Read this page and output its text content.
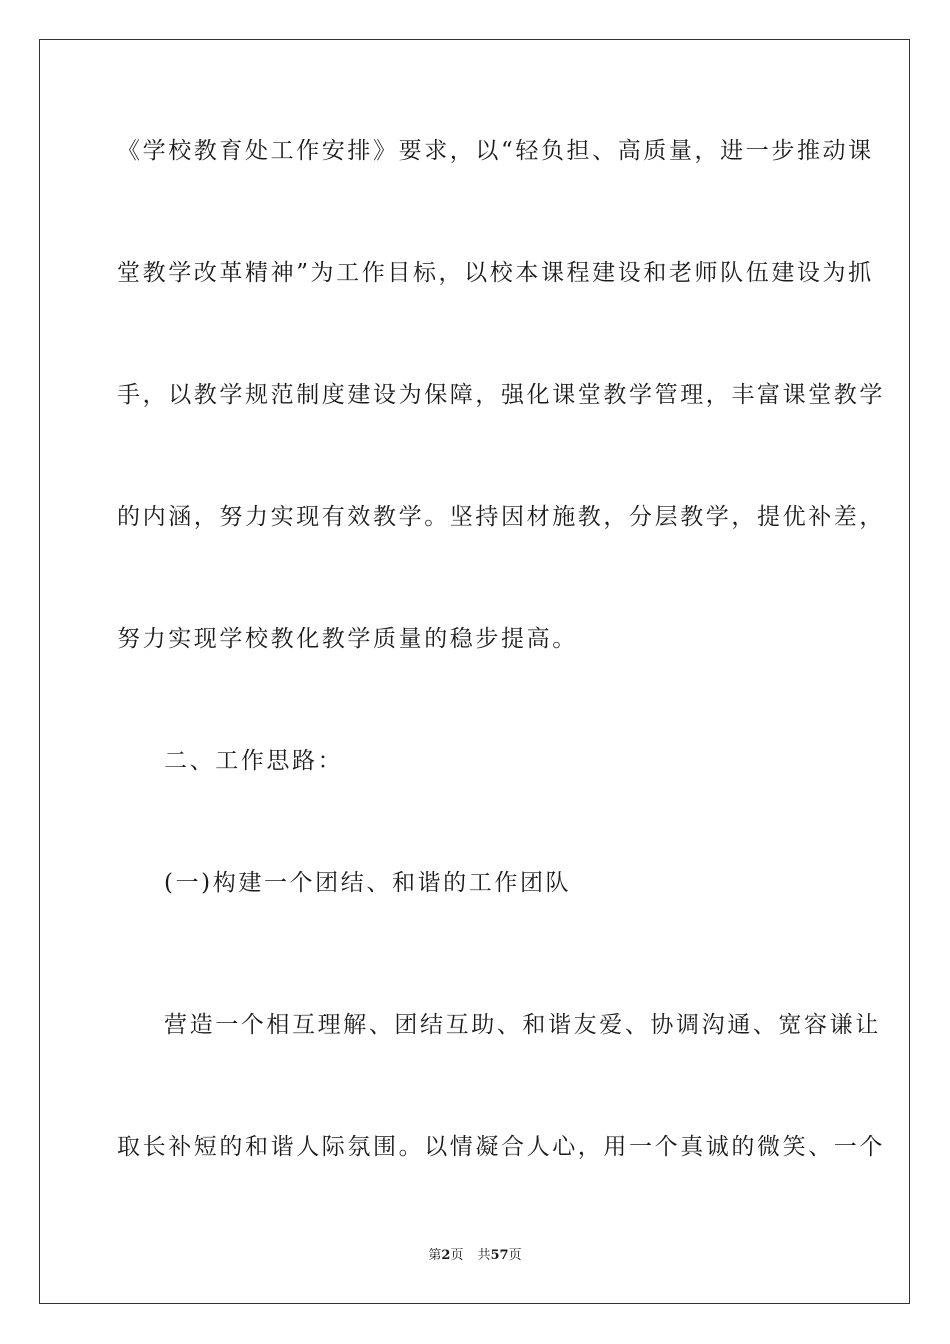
《学校教育处工作安排》要求，以“轻负担、高质量，进一步推动课
堂教学改革精神”为工作目标，以校本课程建设和老师队伍建设为抓
手，以教学规范制度建设为保障，强化课堂教学管理，丰富课堂教学
的内涵，努力实现有效教学。坚持因材施教，分层教学，提优补差，
努力实现学校教化教学质量的稳步提高。
二、工作思路：
(一)构建一个团结、和谐的工作团队
营造一个相互理解、团结互助、和谐友爱、协调沟通、宽容谦让
取长补短的和谐人际氛围。以情凝合人心，用一个真诚的微笑、一个
第2页 共57页
